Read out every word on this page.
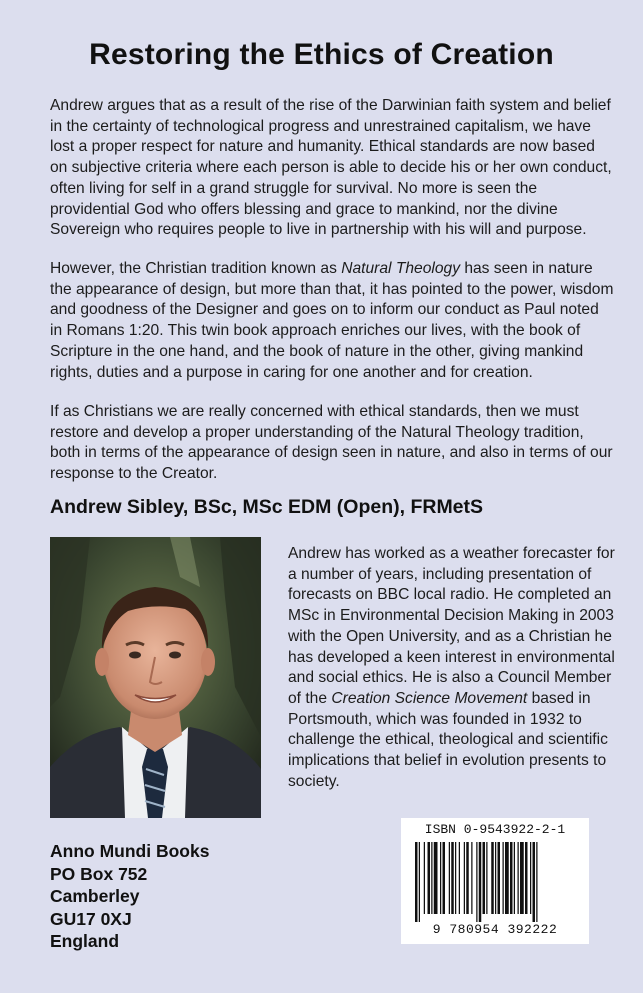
Restoring the Ethics of Creation

Andrew argues that as a result of the rise of the Darwinian faith system and belief in the certainty of technological progress and unrestrained capitalism, we have lost a proper respect for nature and humanity. Ethical standards are now based on subjective criteria where each person is able to decide his or her own conduct, often living for self in a grand struggle for survival. No more is seen the providential God who offers blessing and grace to mankind, nor the divine Sovereign who requires people to live in partnership with his will and purpose.

However, the Christian tradition known as Natural Theology has seen in nature the appearance of design, but more than that, it has pointed to the power, wisdom and goodness of the Designer and goes on to inform our conduct as Paul noted in Romans 1:20. This twin book approach enriches our lives, with the book of Scripture in the one hand, and the book of nature in the other, giving mankind rights, duties and a purpose in caring for one another and for creation.

If as Christians we are really concerned with ethical standards, then we must restore and develop a proper understanding of the Natural Theology tradition, both in terms of the appearance of design seen in nature, and also in terms of our response to the Creator.

Andrew Sibley, BSc, MSc EDM (Open), FRMetS

Andrew has worked as a weather forecaster for a number of years, including presentation of forecasts on BBC local radio. He completed an MSc in Environmental Decision Making in 2003 with the Open University, and as a Christian he has developed a keen interest in environmental and social ethics. He is also a Council Member of the Creation Science Movement based in Portsmouth, which was founded in 1932 to challenge the ethical, theological and scientific implications that belief in evolution presents to society.

Anno Mundi Books
PO Box 752
Camberley
GU17 0XJ
England
ISBN 0-9543922-2-1
9 780954 392222
